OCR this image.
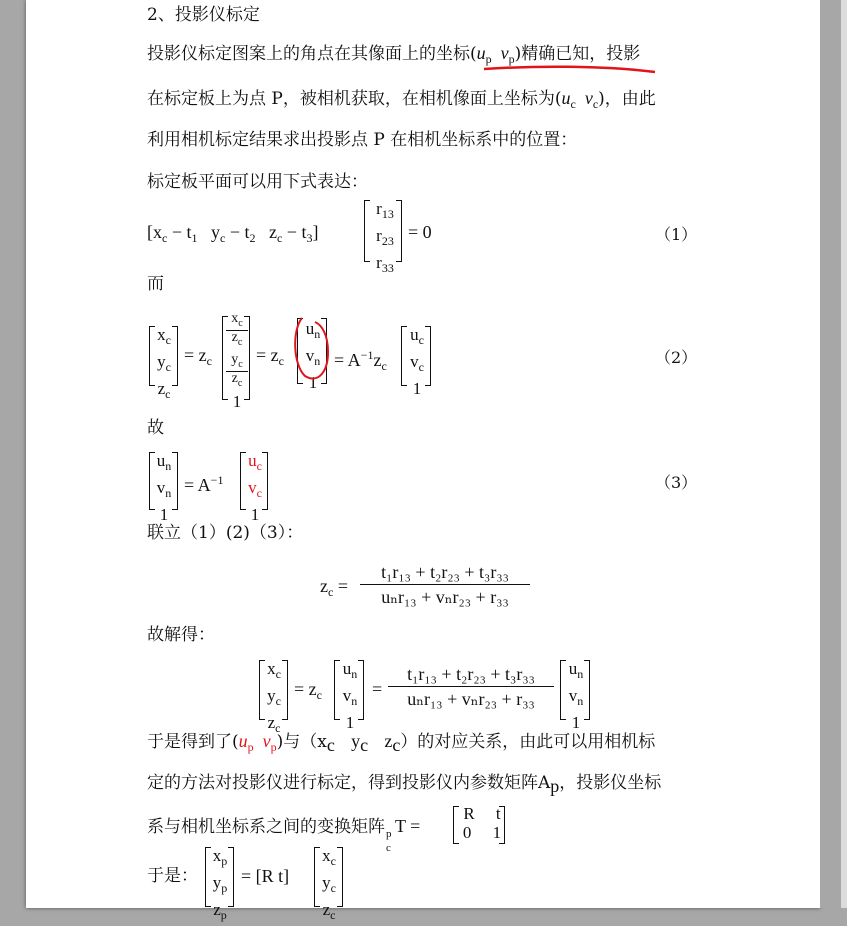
2、投影仪标定
投影仪标定图案上的角点在其像面上的坐标($u_p$ $v_p$)精确已知，投影
在标定板上为点 P，被相机获取，在相机像面上坐标为($u_c$ $v_c$)，由此
利用相机标定结果求出投影点 P 在相机坐标系中的位置：
标定板平面可以用下式表达：
[$x_c - t_1$ $y_c - t_2$ $z_c - t_3$]
$r_{13}$
$r_{23}$
$r_{33}$
= 0	（1）
而
$x_c$
$y_c$
$z_c$
= $z_c$
$x_c$
$z_c$
$y_c$
$z_c$
1
= $z_c$
$u_n$
$v_n$
1
= $A^{-1}z_c$
$u_c$
$v_c$
1
（2）
故
$u_n$
$v_n$
1
= $A^{-1}$
$u_c$
$v_c$
1
（3）
联立（1）(2)（3）：
$z_c$ =
t₁r₁₃ + t₂r₂₃ + t₃r₃₃
uₙr₁₃ + vₙr₂₃ + r₃₃
故解得：
$x_c$
$y_c$
$z_c$
= $z_c$
$u_n$
$v_n$
1
=
t₁r₁₃ + t₂r₂₃ + t₃r₃₃
uₙr₁₃ + vₙr₂₃ + r₃₃
$u_n$
$v_n$
1
于是得到了($u_p$ $v_p$)与（$x_c$ $y_c$ $z_c$）的对应关系，由此可以用相机标
定的方法对投影仪进行标定，得到投影仪内参数矩阵$A_p$，投影仪坐标
系与相机坐标系之间的变换矩阵 p
c
T =
R t
0 1
于是：
$x_p$
$y_p$
$z_p$
= [R t]
$x_c$
$y_c$
$z_c$
